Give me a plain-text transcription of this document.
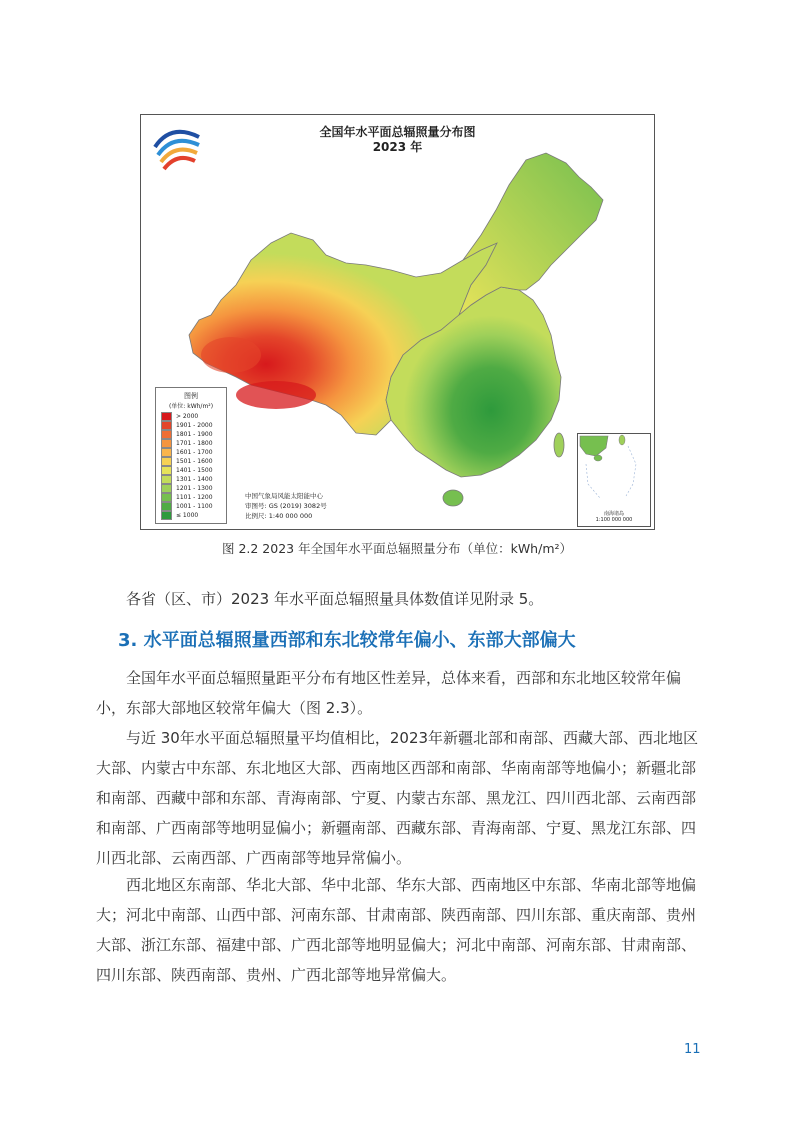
全国年水平面总辐照量分布图
2023 年
图例
(单位: kWh/m²)
> 2000
1901 - 2000
1801 - 1900
1701 - 1800
1601 - 1700
1501 - 1600
1401 - 1500
1301 - 1400
1201 - 1300
1101 - 1200
1001 - 1100
≤ 1000
中国气象局风能太阳能中心
审图号: GS (2019) 3082号
比例尺: 1:40 000 000	南海诸岛
1:100 000 000
图 2.2 2023 年全国年水平面总辐照量分布（单位：kWh/m²）

各省（区、市）2023 年水平面总辐照量具体数值详见附录 5。

3. 水平面总辐照量西部和东北较常年偏小、东部大部偏大

全国年水平面总辐照量距平分布有地区性差异，总体来看，西部和东北地区较常年偏小，东部大部地区较常年偏大（图 2.3）。

与近 30年水平面总辐照量平均值相比，2023年新疆北部和南部、西藏大部、西北地区大部、内蒙古中东部、东北地区大部、西南地区西部和南部、华南南部等地偏小；新疆北部和南部、西藏中部和东部、青海南部、宁夏、内蒙古东部、黑龙江、四川西北部、云南西部和南部、广西南部等地明显偏小；新疆南部、西藏东部、青海南部、宁夏、黑龙江东部、四川西北部、云南西部、广西南部等地异常偏小。

西北地区东南部、华北大部、华中北部、华东大部、西南地区中东部、华南北部等地偏大；河北中南部、山西中部、河南东部、甘肃南部、陕西南部、四川东部、重庆南部、贵州大部、浙江东部、福建中部、广西北部等地明显偏大；河北中南部、河南东部、甘肃南部、四川东部、陕西南部、贵州、广西北部等地异常偏大。

11
